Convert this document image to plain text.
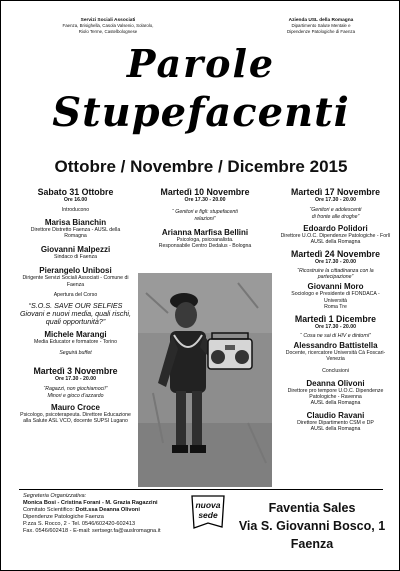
Servizi Sociali Associati
Faenza, Brisighella, Casola Valsenio, Solarolo,
Riolo Terme, Castelbolognese
Azienda USL della Romagna
Dipartimento Salute Mentale e
Dipendenze Patologiche di Faenza
Parole
Stupefacenti
Ottobre / Novembre / Dicembre 2015
Sabato 31 Ottobre
Ore 16.00
Introducono
Marisa Bianchin
Direttore Distretto Faenza - AUSL della Romagna
Giovanni Malpezzi
Sindaco di Faenza
Pierangelo Unibosi
Dirigente Servizi Sociali Associati - Comune di
Faenza
Apertura del Corso
“S.O.S. SAVE OUR SELFIES
Giovani e nuovi media, quali rischi,
quali opportunità?”
Michele Marangi
Media Educator e formatore - Torino
Seguirà buffet
Martedì 3 Novembre
Ore 17.30 - 20.00
“Ragazzi, non giochiamoci!”
Minori e gioco d'azzardo
Mauro Croce
Psicologo, psicoterapeuta. Direttore Educazione
alla Salute ASL VCO, docente SUPSI Lugano
Martedì 10 Novembre
Ore 17.30 - 20.00
“ Genitori e figli: stupefacenti
relazioni”
Arianna Marfisa Bellini
Psicologa, psicoanalista.
Responsabile Centro Dedalus - Bologna
Martedì 17 Novembre
Ore 17.30 - 20.00
“Genitori e adolescenti
di fronte alle droghe”
Edoardo Polidori
Direttore U.O.C. Dipendenze Patologiche - Forlì
AUSL della Romagna
Martedì 24 Novembre
Ore 17.30 - 20.00
“Ricostruire la cittadinanza con la
partecipazione”
Giovanni Moro
Sociologo e Presidente di FONDACA - Università
Roma Tre
Martedì 1 Dicembre
Ore 17.30 - 20.00
“ Cosa ne sai di HIV e dintorni”
Alessandro Battistella
Docente, ricercatore Università Cà Foscari-
Venezia
Conclusioni
Deanna Olivoni
Direttore pro tempore U.O.C. Dipendenze
Patologiche - Ravenna
AUSL della Romagna
Claudio Ravani
Direttore Dipartimento CSM e DP
AUSL della Romagna
Segreteria Organizzativa:
Monica Bosi - Cristina Forani - M. Grazia Ragazzini
Comitato Scientifico: Dott.ssa Deanna Olivoni
Dipendenze Patologiche Faenza
P.zza S. Rocco, 2 - Tel. 0546/602420-602413
Fax. 0546/602418 - E-mail: sertsegr.fa@auslromagna.it
nuova
sede	Faventia Sales
Via S. Giovanni Bosco, 1
Faenza
